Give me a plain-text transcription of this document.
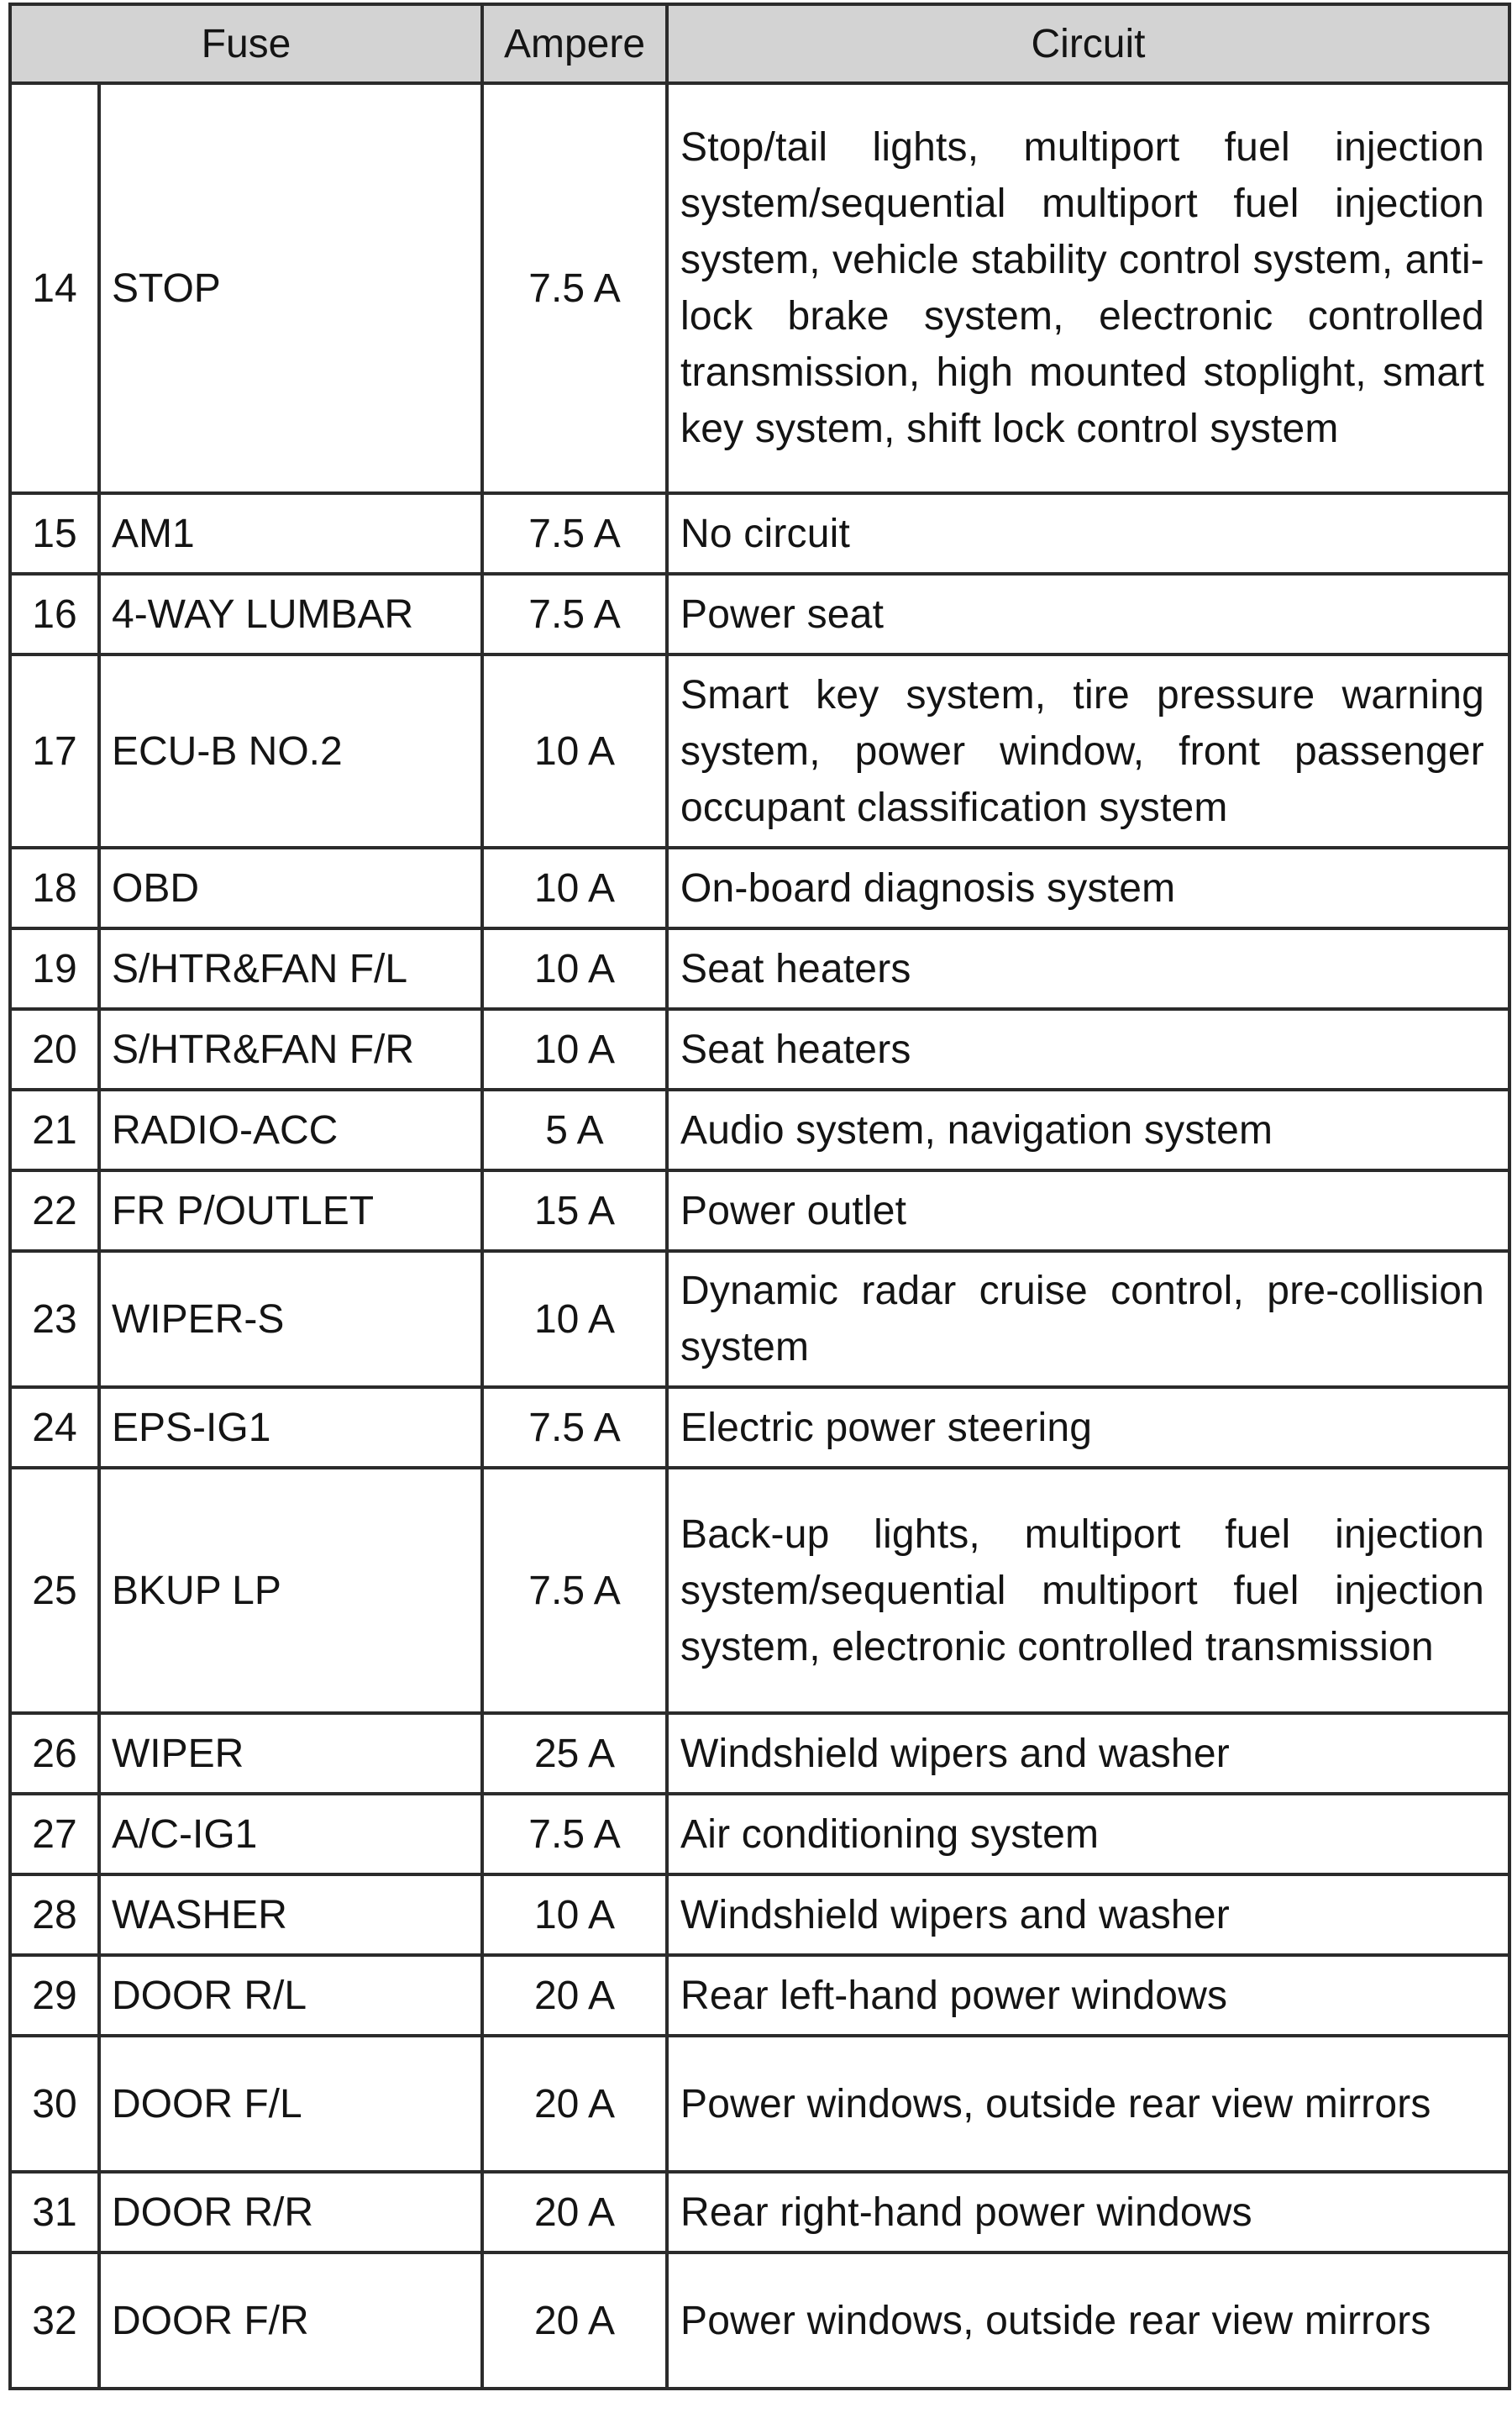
Fuse		Ampere	Circuit
14	STOP	7.5 A	Stop/tail lights, multiport fuel injection system/sequential multiport fuel injection system, vehicle stability control system, anti-lock brake system, electronic controlled transmission, high mounted stoplight, smart key system, shift lock control system
15	AM1	7.5 A	No circuit
16	4-WAY LUMBAR	7.5 A	Power seat
17	ECU-B NO.2	10 A	Smart key system, tire pressure warning system, power window, front passenger occupant classification system
18	OBD	10 A	On-board diagnosis system
19	S/HTR&FAN F/L	10 A	Seat heaters
20	S/HTR&FAN F/R	10 A	Seat heaters
21	RADIO-ACC	5 A	Audio system, navigation system
22	FR P/OUTLET	15 A	Power outlet
23	WIPER-S	10 A	Dynamic radar cruise control, pre-collision system
24	EPS-IG1	7.5 A	Electric power steering
25	BKUP LP	7.5 A	Back-up lights, multiport fuel injection system/sequential multiport fuel injection system, electronic controlled transmission
26	WIPER	25 A	Windshield wipers and washer
27	A/C-IG1	7.5 A	Air conditioning system
28	WASHER	10 A	Windshield wipers and washer
29	DOOR R/L	20 A	Rear left-hand power windows
30	DOOR F/L	20 A	Power windows, outside rear view mirrors
31	DOOR R/R	20 A	Rear right-hand power windows
32	DOOR F/R	20 A	Power windows, outside rear view mirrors
